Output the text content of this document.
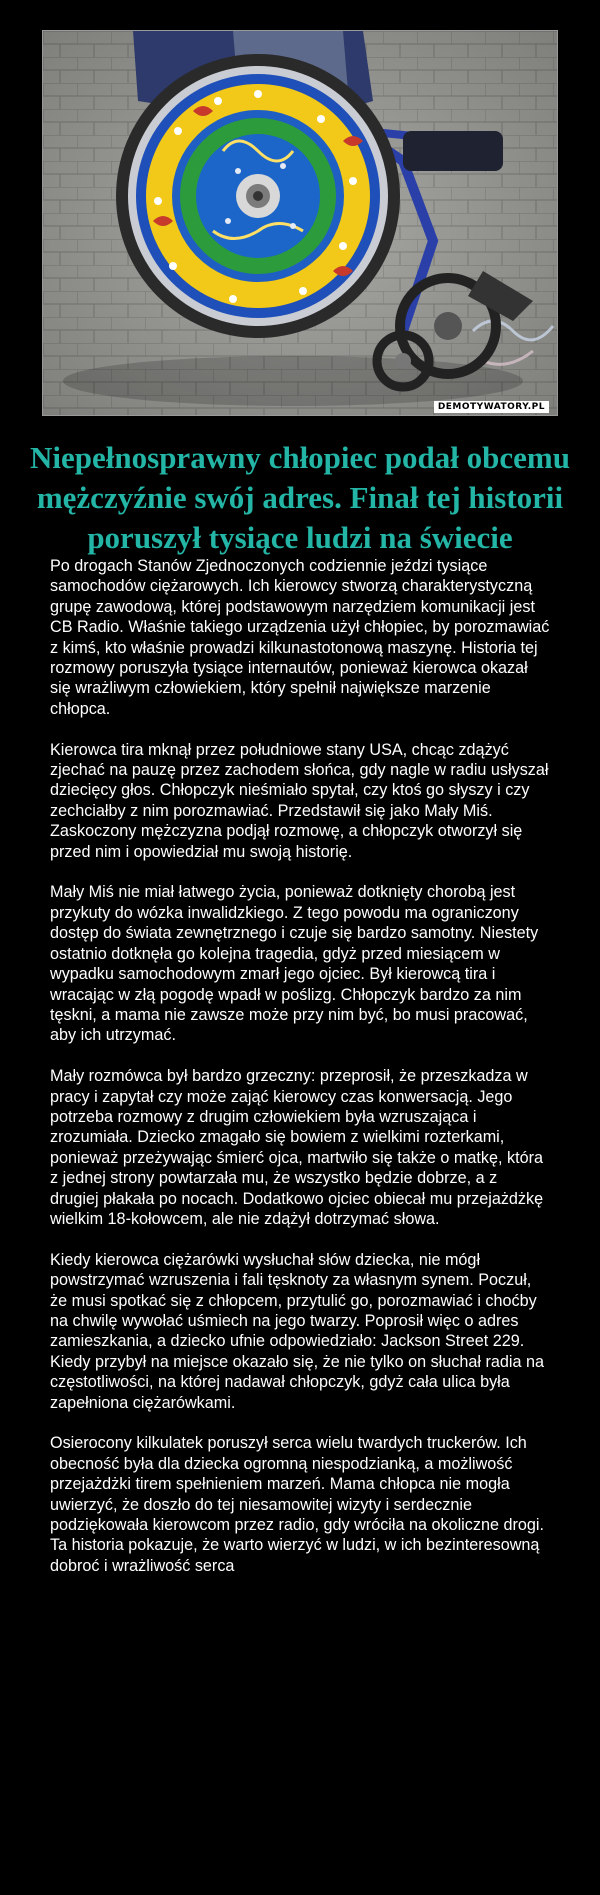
DEMOTYWATORY.PL
Niepełnosprawny chłopiec podał obcemu mężczyźnie swój adres. Finał tej historii poruszył tysiące ludzi na świecie

Po drogach Stanów Zjednoczonych codziennie jeździ tysiące samochodów ciężarowych. Ich kierowcy stworzą charakterystyczną grupę zawodową, której podstawowym narzędziem komunikacji jest CB Radio. Właśnie takiego urządzenia użył chłopiec, by porozmawiać z kimś, kto właśnie prowadzi kilkunastotonową maszynę. Historia tej rozmowy poruszyła tysiące internautów, ponieważ kierowca okazał się wrażliwym człowiekiem, który spełnił największe marzenie chłopca.

Kierowca tira mknął przez południowe stany USA, chcąc zdążyć zjechać na pauzę przez zachodem słońca, gdy nagle w radiu usłyszał dziecięcy głos. Chłopczyk nieśmiało spytał, czy ktoś go słyszy i czy zechciałby z nim porozmawiać. Przedstawił się jako Mały Miś. Zaskoczony mężczyzna podjął rozmowę, a chłopczyk otworzył się przed nim i opowiedział mu swoją historię.

Mały Miś nie miał łatwego życia, ponieważ dotknięty chorobą jest przykuty do wózka inwalidzkiego. Z tego powodu ma ograniczony dostęp do świata zewnętrznego i czuje się bardzo samotny. Niestety ostatnio dotknęła go kolejna tragedia, gdyż przed miesiącem w wypadku samochodowym zmarł jego ojciec. Był kierowcą tira i wracając w złą pogodę wpadł w poślizg. Chłopczyk bardzo za nim tęskni, a mama nie zawsze może przy nim być, bo musi pracować, aby ich utrzymać.

Mały rozmówca był bardzo grzeczny: przeprosił, że przeszkadza w pracy i zapytał czy może zająć kierowcy czas konwersacją. Jego potrzeba rozmowy z drugim człowiekiem była wzruszająca i zrozumiała. Dziecko zmagało się bowiem z wielkimi rozterkami, ponieważ przeżywając śmierć ojca, martwiło się także o matkę, która z jednej strony powtarzała mu, że wszystko będzie dobrze, a z drugiej płakała po nocach. Dodatkowo ojciec obiecał mu przejażdżkę wielkim 18-kołowcem, ale nie zdążył dotrzymać słowa.

Kiedy kierowca ciężarówki wysłuchał słów dziecka, nie mógł powstrzymać wzruszenia i fali tęsknoty za własnym synem. Poczuł, że musi spotkać się z chłopcem, przytulić go, porozmawiać i choćby na chwilę wywołać uśmiech na jego twarzy. Poprosił więc o adres zamieszkania, a dziecko ufnie odpowiedziało: Jackson Street 229. Kiedy przybył na miejsce okazało się, że nie tylko on słuchał radia na częstotliwości, na której nadawał chłopczyk, gdyż cała ulica była zapełniona ciężarówkami.

Osierocony kilkulatek poruszył serca wielu twardych truckerów. Ich obecność była dla dziecka ogromną niespodzianką, a możliwość przejażdżki tirem spełnieniem marzeń. Mama chłopca nie mogła uwierzyć, że doszło do tej niesamowitej wizyty i serdecznie podziękowała kierowcom przez radio, gdy wróciła na okoliczne drogi. Ta historia pokazuje, że warto wierzyć w ludzi, w ich bezinteresowną dobroć i wrażliwość serca
